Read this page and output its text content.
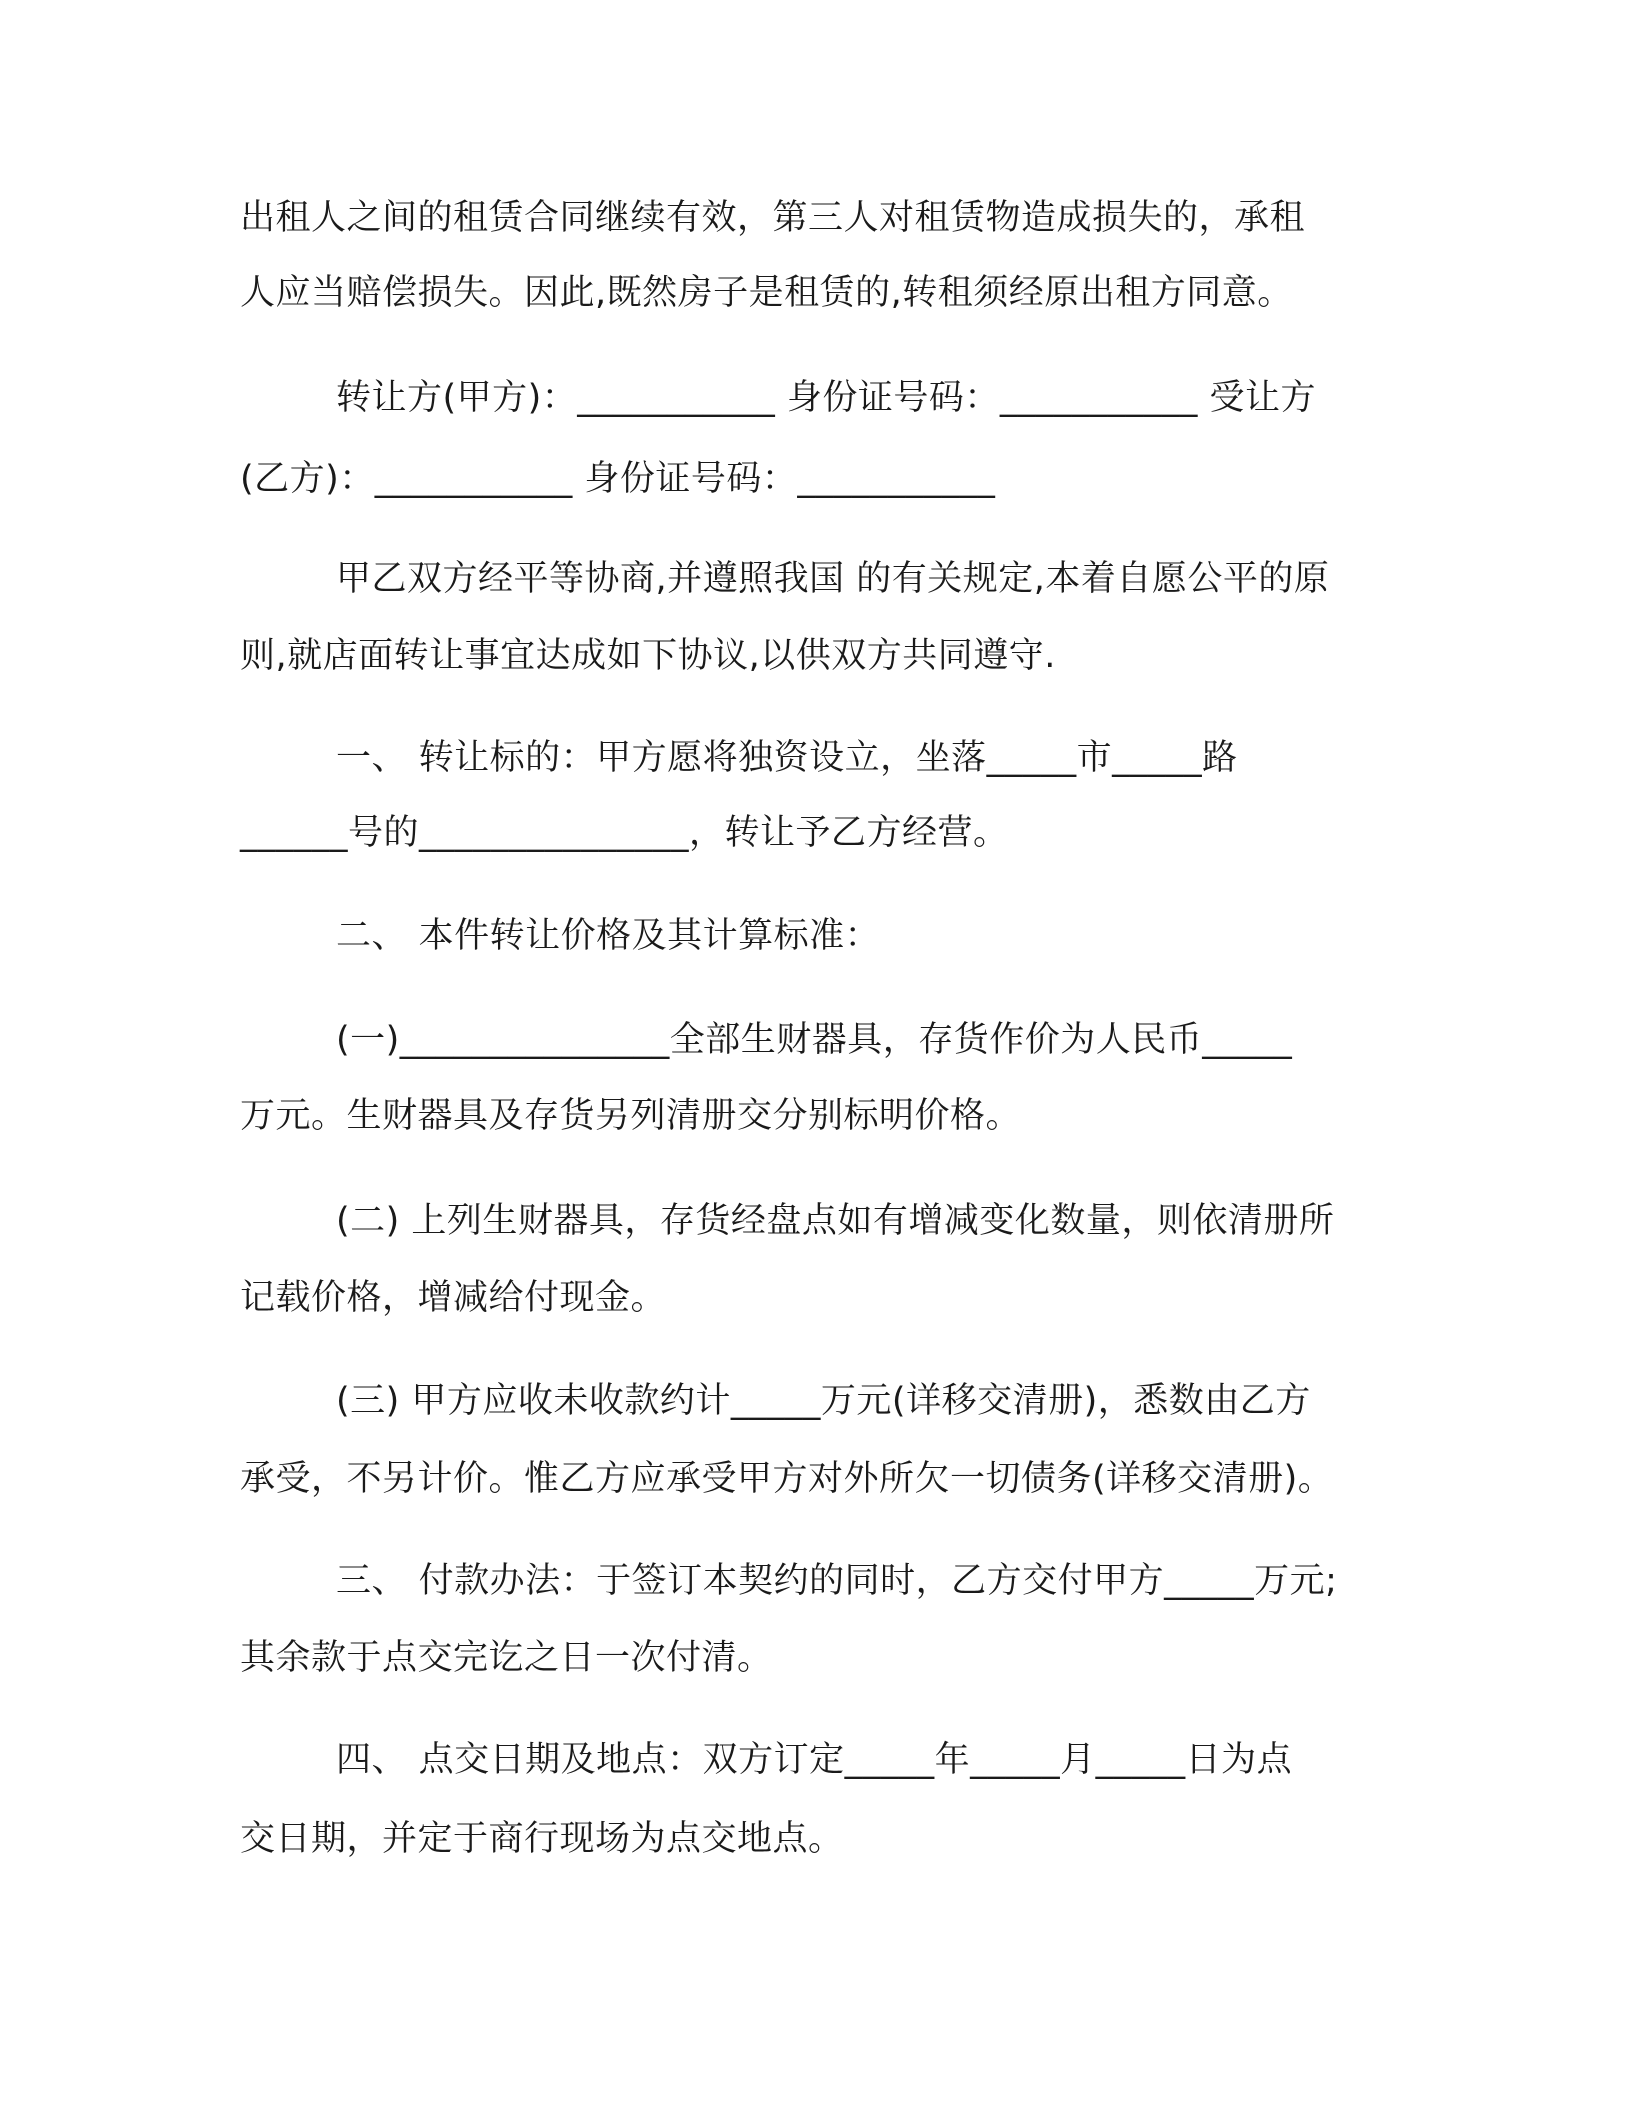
出租人之间的租赁合同继续有效，第三人对租赁物造成损失的，承租

人应当赔偿损失。因此,既然房子是租赁的,转租须经原出租方同意。

转让方(甲方)：___________ 身份证号码：___________ 受让方

(乙方)：___________ 身份证号码：___________

甲乙双方经平等协商,并遵照我国 的有关规定,本着自愿公平的原

则,就店面转让事宜达成如下协议,以供双方共同遵守.

一、 转让标的：甲方愿将独资设立，坐落_____市_____路

______号的_______________，转让予乙方经营。

二、 本件转让价格及其计算标准：

(一)_______________全部生财器具，存货作价为人民币_____

万元。生财器具及存货另列清册交分别标明价格。

(二) 上列生财器具，存货经盘点如有增减变化数量，则依清册所

记载价格，增减给付现金。

(三) 甲方应收未收款约计_____万元(详移交清册)，悉数由乙方

承受，不另计价。惟乙方应承受甲方对外所欠一切债务(详移交清册)。

三、 付款办法：于签订本契约的同时，乙方交付甲方_____万元;

其余款于点交完讫之日一次付清。

四、 点交日期及地点：双方订定_____年_____月_____日为点

交日期，并定于商行现场为点交地点。
